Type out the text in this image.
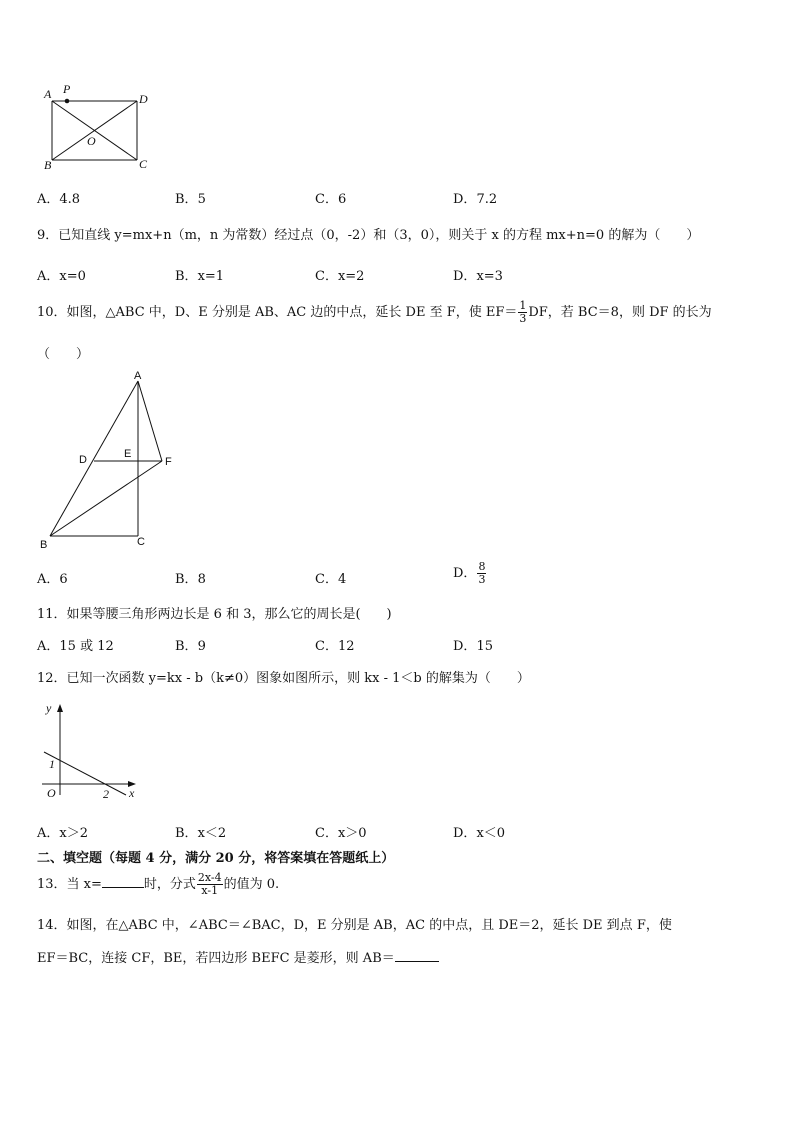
A P
D
O
B	C
A．4.8	B．5	C．6	D．7.2
9．已知直线 y=mx+n（m，n 为常数）经过点（0，-2）和（3，0），则关于 x 的方程 mx+n=0 的解为（　　）
A．x=0	B．x=1	C．x=2	D．x=3
10．如图，△ABC 中，D、E 分别是 AB、AC 边的中点，延长 DE 至 F，使 $EF= \frac{1}{3}$ DF，若 BC＝8，则 DF 的长为
（　　）
A
D	E
F
B	C
A．6	B．8	C．4	D． $\frac{8}{3}$
11．如果等腰三角形两边长是 6 和 3，那么它的周长是(　　)
A．15 或 12	B．9	C．12	D．15
12．已知一次函数 y=kx - b（k≠0）图象如图所示，则 kx - 1＜b 的解集为（　　）
y
x
1
O	2
A．x＞2	B．x＜2	C．x＞0	D．x＜0
二、填空题（每题 4 分，满分 20 分，将答案填在答题纸上）
13．当 x=	时，分式 $\frac{2x-4}{x-1}$ 的值为 0.
14．如图，在△ABC 中，∠ABC＝∠BAC，D，E 分别是 AB，AC 的中点，且 DE＝2，延长 DE 到点 F，使
EF＝BC，连接 CF，BE，若四边形 BEFC 是菱形，则 AB＝
